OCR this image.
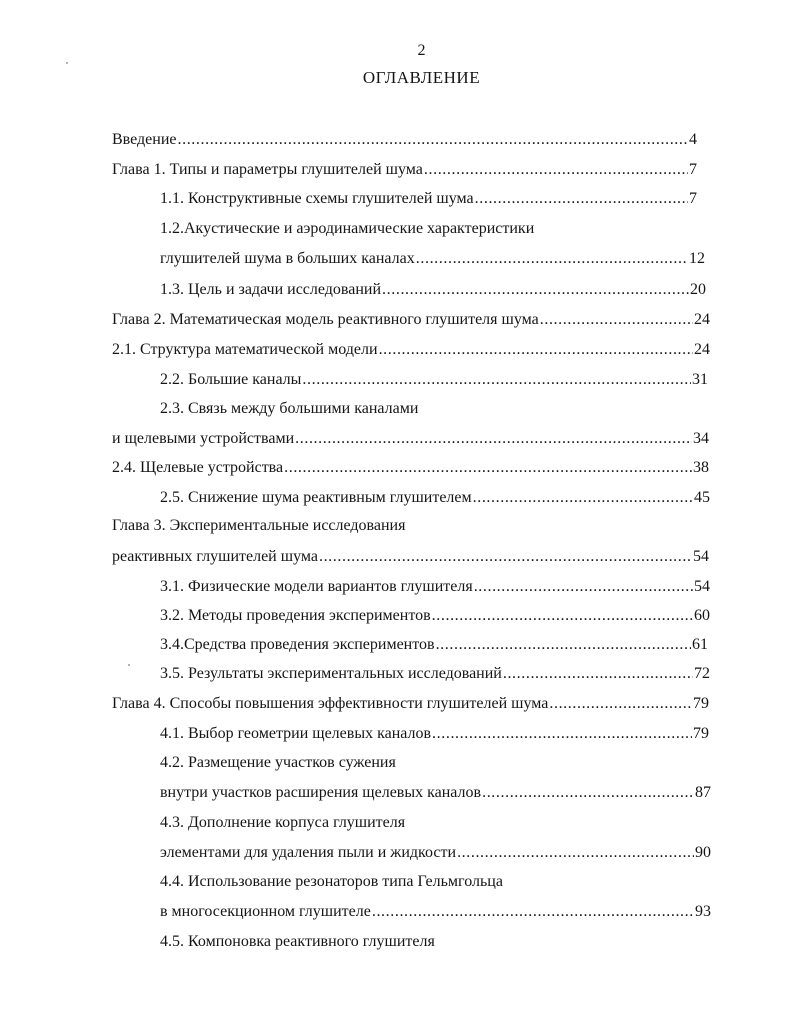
2
ОГЛАВЛЕНИЕ
Введение .....	4
Глава 1. Типы и параметры глушителей шума .....	7
1.1. Конструктивные схемы глушителей шума .....	7
1.2.Акустические и аэродинамические характеристики
глушителей шума в больших каналах .....	12
1.3. Цель и задачи исследований .....	20
Глава 2. Математическая модель реактивного глушителя шума .....	24
2.1. Структура математической модели .....	24
2.2. Большие каналы .....	31
2.3. Связь между большими каналами
и щелевыми устройствами .....	34
2.4. Щелевые устройства .....	38
2.5. Снижение шума реактивным глушителем .....	45
Глава 3. Экспериментальные исследования
реактивных глушителей шума .....	54
3.1. Физические модели вариантов глушителя .....	54
3.2. Методы проведения экспериментов .....	60
3.4.Средства проведения экспериментов .....	61
3.5. Результаты экспериментальных исследований .....	72
Глава 4. Способы повышения эффективности глушителей шума .....	79
4.1. Выбор геометрии щелевых каналов .....	79
4.2. Размещение участков сужения
внутри участков расширения щелевых каналов .....	87
4.3. Дополнение корпуса глушителя
элементами для удаления пыли и жидкости .....	90
4.4. Использование резонаторов типа Гельмгольца
в многосекционном глушителе .....	93
4.5. Компоновка реактивного глушителя
